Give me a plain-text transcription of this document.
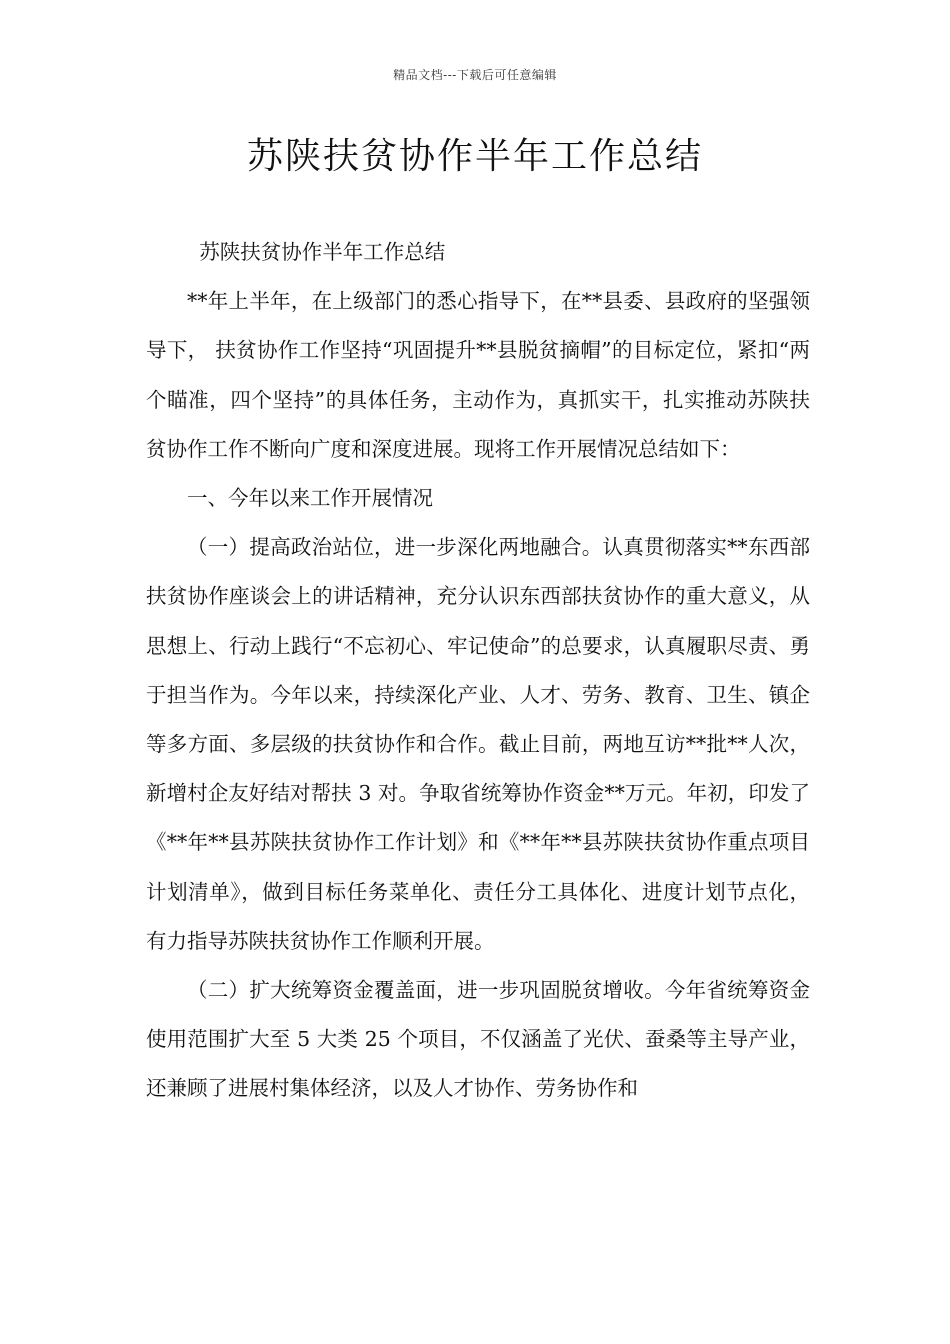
精品文档---下载后可任意编辑
苏陕扶贫协作半年工作总结

苏陕扶贫协作半年工作总结

**年上半年，在上级部门的悉心指导下，在**县委、县政府的坚强领导下， 扶贫协作工作坚持“巩固提升**县脱贫摘帽”的目标定位，紧扣“两个瞄准，四个坚持”的具体任务，主动作为，真抓实干，扎实推动苏陕扶贫协作工作不断向广度和深度进展。现将工作开展情况总结如下：

一、今年以来工作开展情况

（一）提高政治站位，进一步深化两地融合。认真贯彻落实**东西部扶贫协作座谈会上的讲话精神，充分认识东西部扶贫协作的重大意义，从思想上、行动上践行“不忘初心、牢记使命”的总要求，认真履职尽责、勇于担当作为。今年以来，持续深化产业、人才、劳务、教育、卫生、镇企等多方面、多层级的扶贫协作和合作。截止目前，两地互访**批**人次，新增村企友好结对帮扶 3 对。争取省统筹协作资金**万元。年初，印发了《**年**县苏陕扶贫协作工作计划》和《**年**县苏陕扶贫协作重点项目计划清单》，做到目标任务菜单化、责任分工具体化、进度计划节点化，有力指导苏陕扶贫协作工作顺利开展。

（二）扩大统筹资金覆盖面，进一步巩固脱贫增收。今年省统筹资金使用范围扩大至 5 大类 25 个项目，不仅涵盖了光伏、蚕桑等主导产业，还兼顾了进展村集体经济，以及人才协作、劳务协作和
